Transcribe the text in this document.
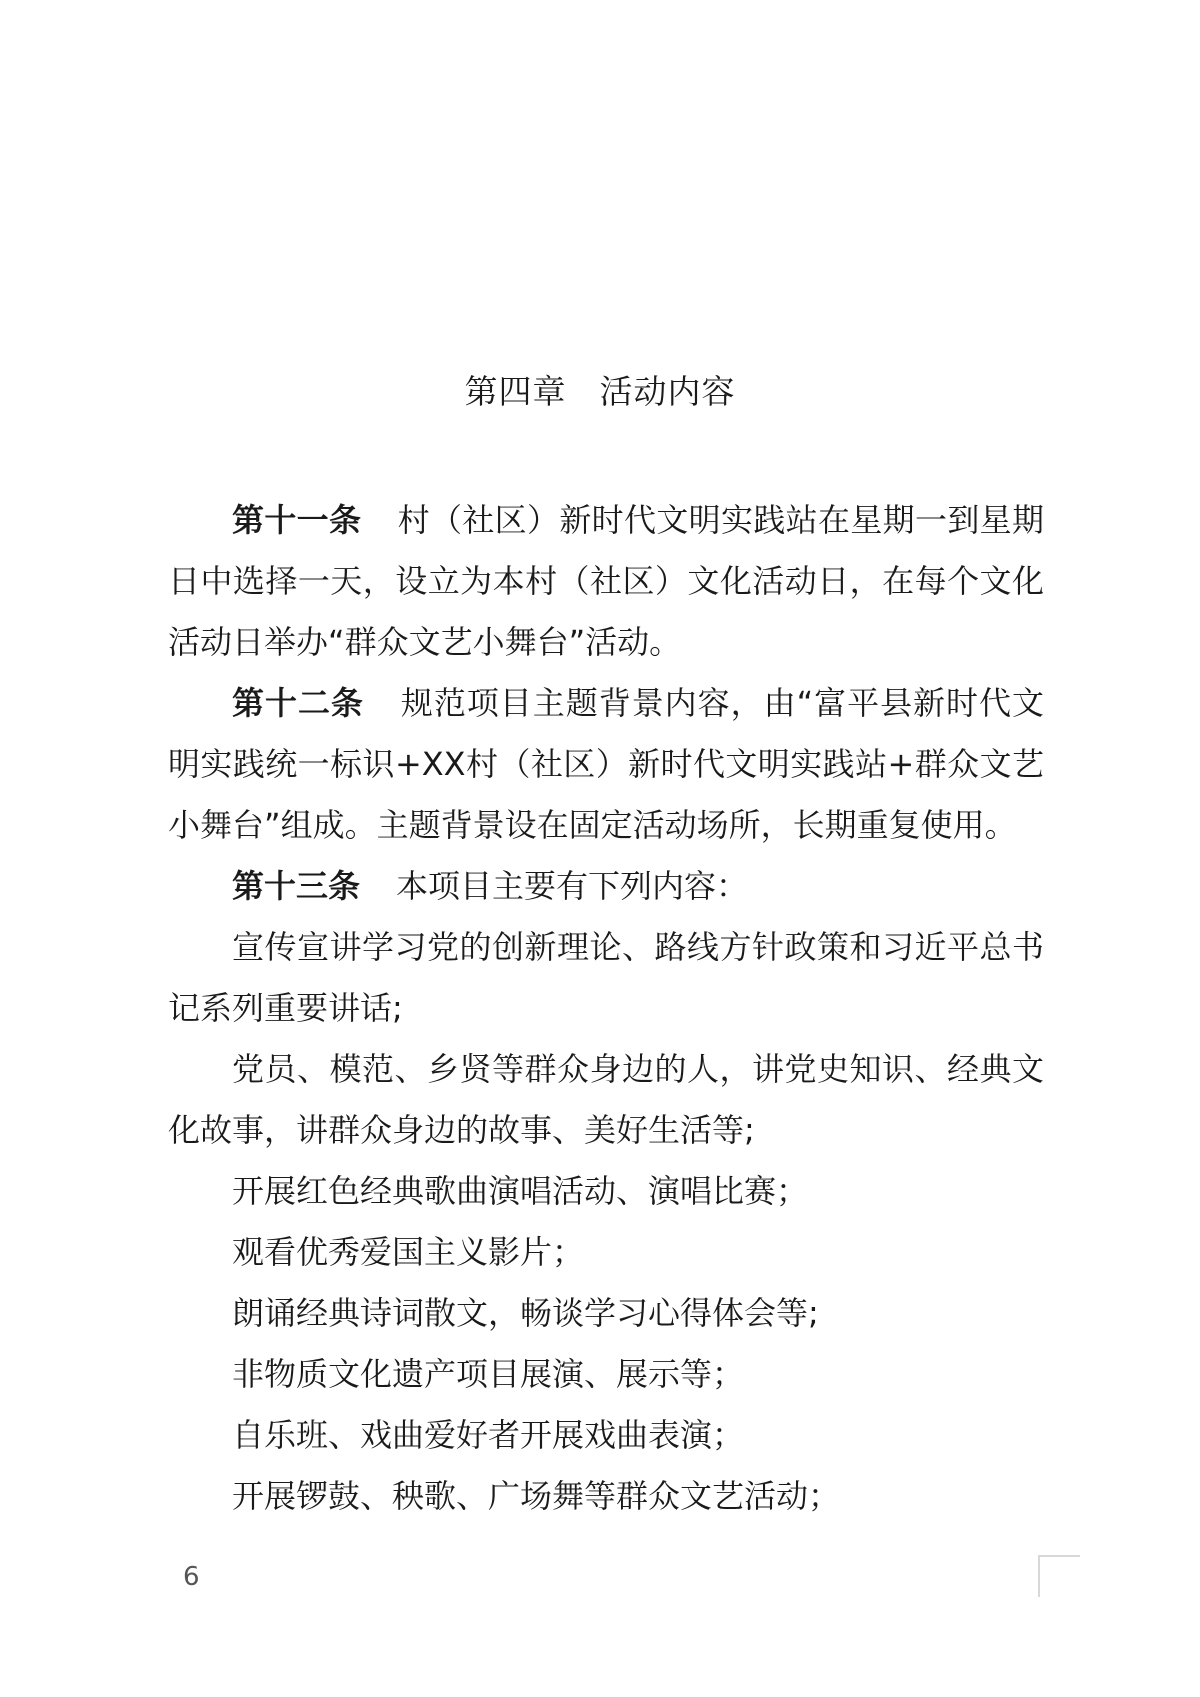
第四章 活动内容

第十一条 村（社区）新时代文明实践站在星期一到星期日中选择一天，设立为本村（社区）文化活动日，在每个文化活动日举办“群众文艺小舞台”活动。

第十二条 规范项目主题背景内容，由“富平县新时代文明实践统一标识+XX村（社区）新时代文明实践站+群众文艺小舞台”组成。主题背景设在固定活动场所，长期重复使用。

第十三条 本项目主要有下列内容：

宣传宣讲学习党的创新理论、路线方针政策和习近平总书记系列重要讲话;

党员、模范、乡贤等群众身边的人，讲党史知识、经典文化故事，讲群众身边的故事、美好生活等;

开展红色经典歌曲演唱活动、演唱比赛；

观看优秀爱国主义影片；

朗诵经典诗词散文，畅谈学习心得体会等;

非物质文化遗产项目展演、展示等；

自乐班、戏曲爱好者开展戏曲表演；

开展锣鼓、秧歌、广场舞等群众文艺活动；

6
